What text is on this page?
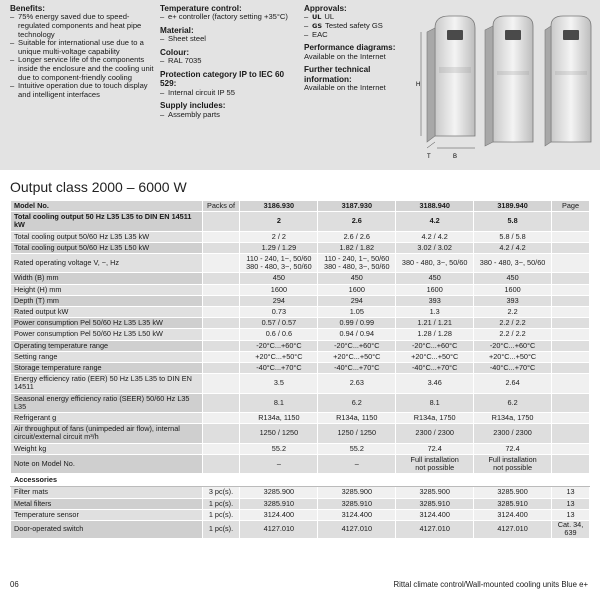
Benefits:
– 75% energy saved due to speed-regulated components and heat pipe technology
– Suitable for international use due to a unique multi-voltage capability
– Longer service life of the components inside the enclosure and the cooling unit due to component-friendly cooling
– Intuitive operation due to touch display and intelligent interfaces
Temperature control:
– e+ controller (factory setting +35°C)
Material:
– Sheet steel
Colour:
– RAL 7035
Protection category IP to IEC 60 529:
– Internal circuit IP 55
Supply includes:
– Assembly parts
Approvals:
– UL UL
– GS Tested safety GS
– EAC
Performance diagrams:
Available on the Internet
Further technical information:
Available on the Internet	H
T	B
Output class 2000 – 6000 W
Model No.	Packs of	3186.930	3187.930	3188.940	3189.940	Page
Total cooling output 50 Hz L35 L35 to DIN EN 14511 kW		2	2.6	4.2	5.8	
Total cooling output 50/60 Hz L35 L35 kW		2 / 2	2.6 / 2.6	4.2 / 4.2	5.8 / 5.8	
Total cooling output 50/60 Hz L35 L50 kW		1.29 / 1.29	1.82 / 1.82	3.02 / 3.02	4.2 / 4.2	
Rated operating voltage V, ~, Hz		110 - 240, 1~, 50/60
380 - 480, 3~, 50/60	110 - 240, 1~, 50/60
380 - 480, 3~, 50/60	380 - 480, 3~, 50/60	380 - 480, 3~, 50/60	
Width (B) mm		450	450	450	450	
Height (H) mm		1600	1600	1600	1600	
Depth (T) mm		294	294	393	393	
Rated output kW		0.73	1.05	1.3	2.2	
Power consumption Pel 50/60 Hz L35 L35 kW		0.57 / 0.57	0.99 / 0.99	1.21 / 1.21	2.2 / 2.2	
Power consumption Pel 50/60 Hz L35 L50 kW		0.6 / 0.6	0.94 / 0.94	1.28 / 1.28	2.2 / 2.2	
Operating temperature range		-20°C...+60°C	-20°C...+60°C	-20°C...+60°C	-20°C...+60°C	
Setting range		+20°C...+50°C	+20°C...+50°C	+20°C...+50°C	+20°C...+50°C	
Storage temperature range		-40°C...+70°C	-40°C...+70°C	-40°C...+70°C	-40°C...+70°C	
Energy efficiency ratio (EER) 50 Hz L35 L35 to DIN EN 14511		3.5	2.63	3.46	2.64	
Seasonal energy efficiency ratio (SEER) 50/60 Hz L35 L35		8.1	6.2	8.1	6.2	
Refrigerant g		R134a, 1150	R134a, 1150	R134a, 1750	R134a, 1750	
Air throughput of fans (unimpeded air flow), internal circuit/external circuit m³/h		1250 / 1250	1250 / 1250	2300 / 2300	2300 / 2300	
Weight kg		55.2	55.2	72.4	72.4	
Note on Model No.		–	–	Full installation
not possible	Full installation
not possible	
Accessories						
Filter mats	3 pc(s).	3285.900	3285.900	3285.900	3285.900	13
Metal filters	1 pc(s).	3285.910	3285.910	3285.910	3285.910	13
Temperature sensor	1 pc(s).	3124.400	3124.400	3124.400	3124.400	13
Door-operated switch	1 pc(s).	4127.010	4127.010	4127.010	4127.010	Cat. 34, 639
06	Rittal climate control/Wall-mounted cooling units Blue e+
